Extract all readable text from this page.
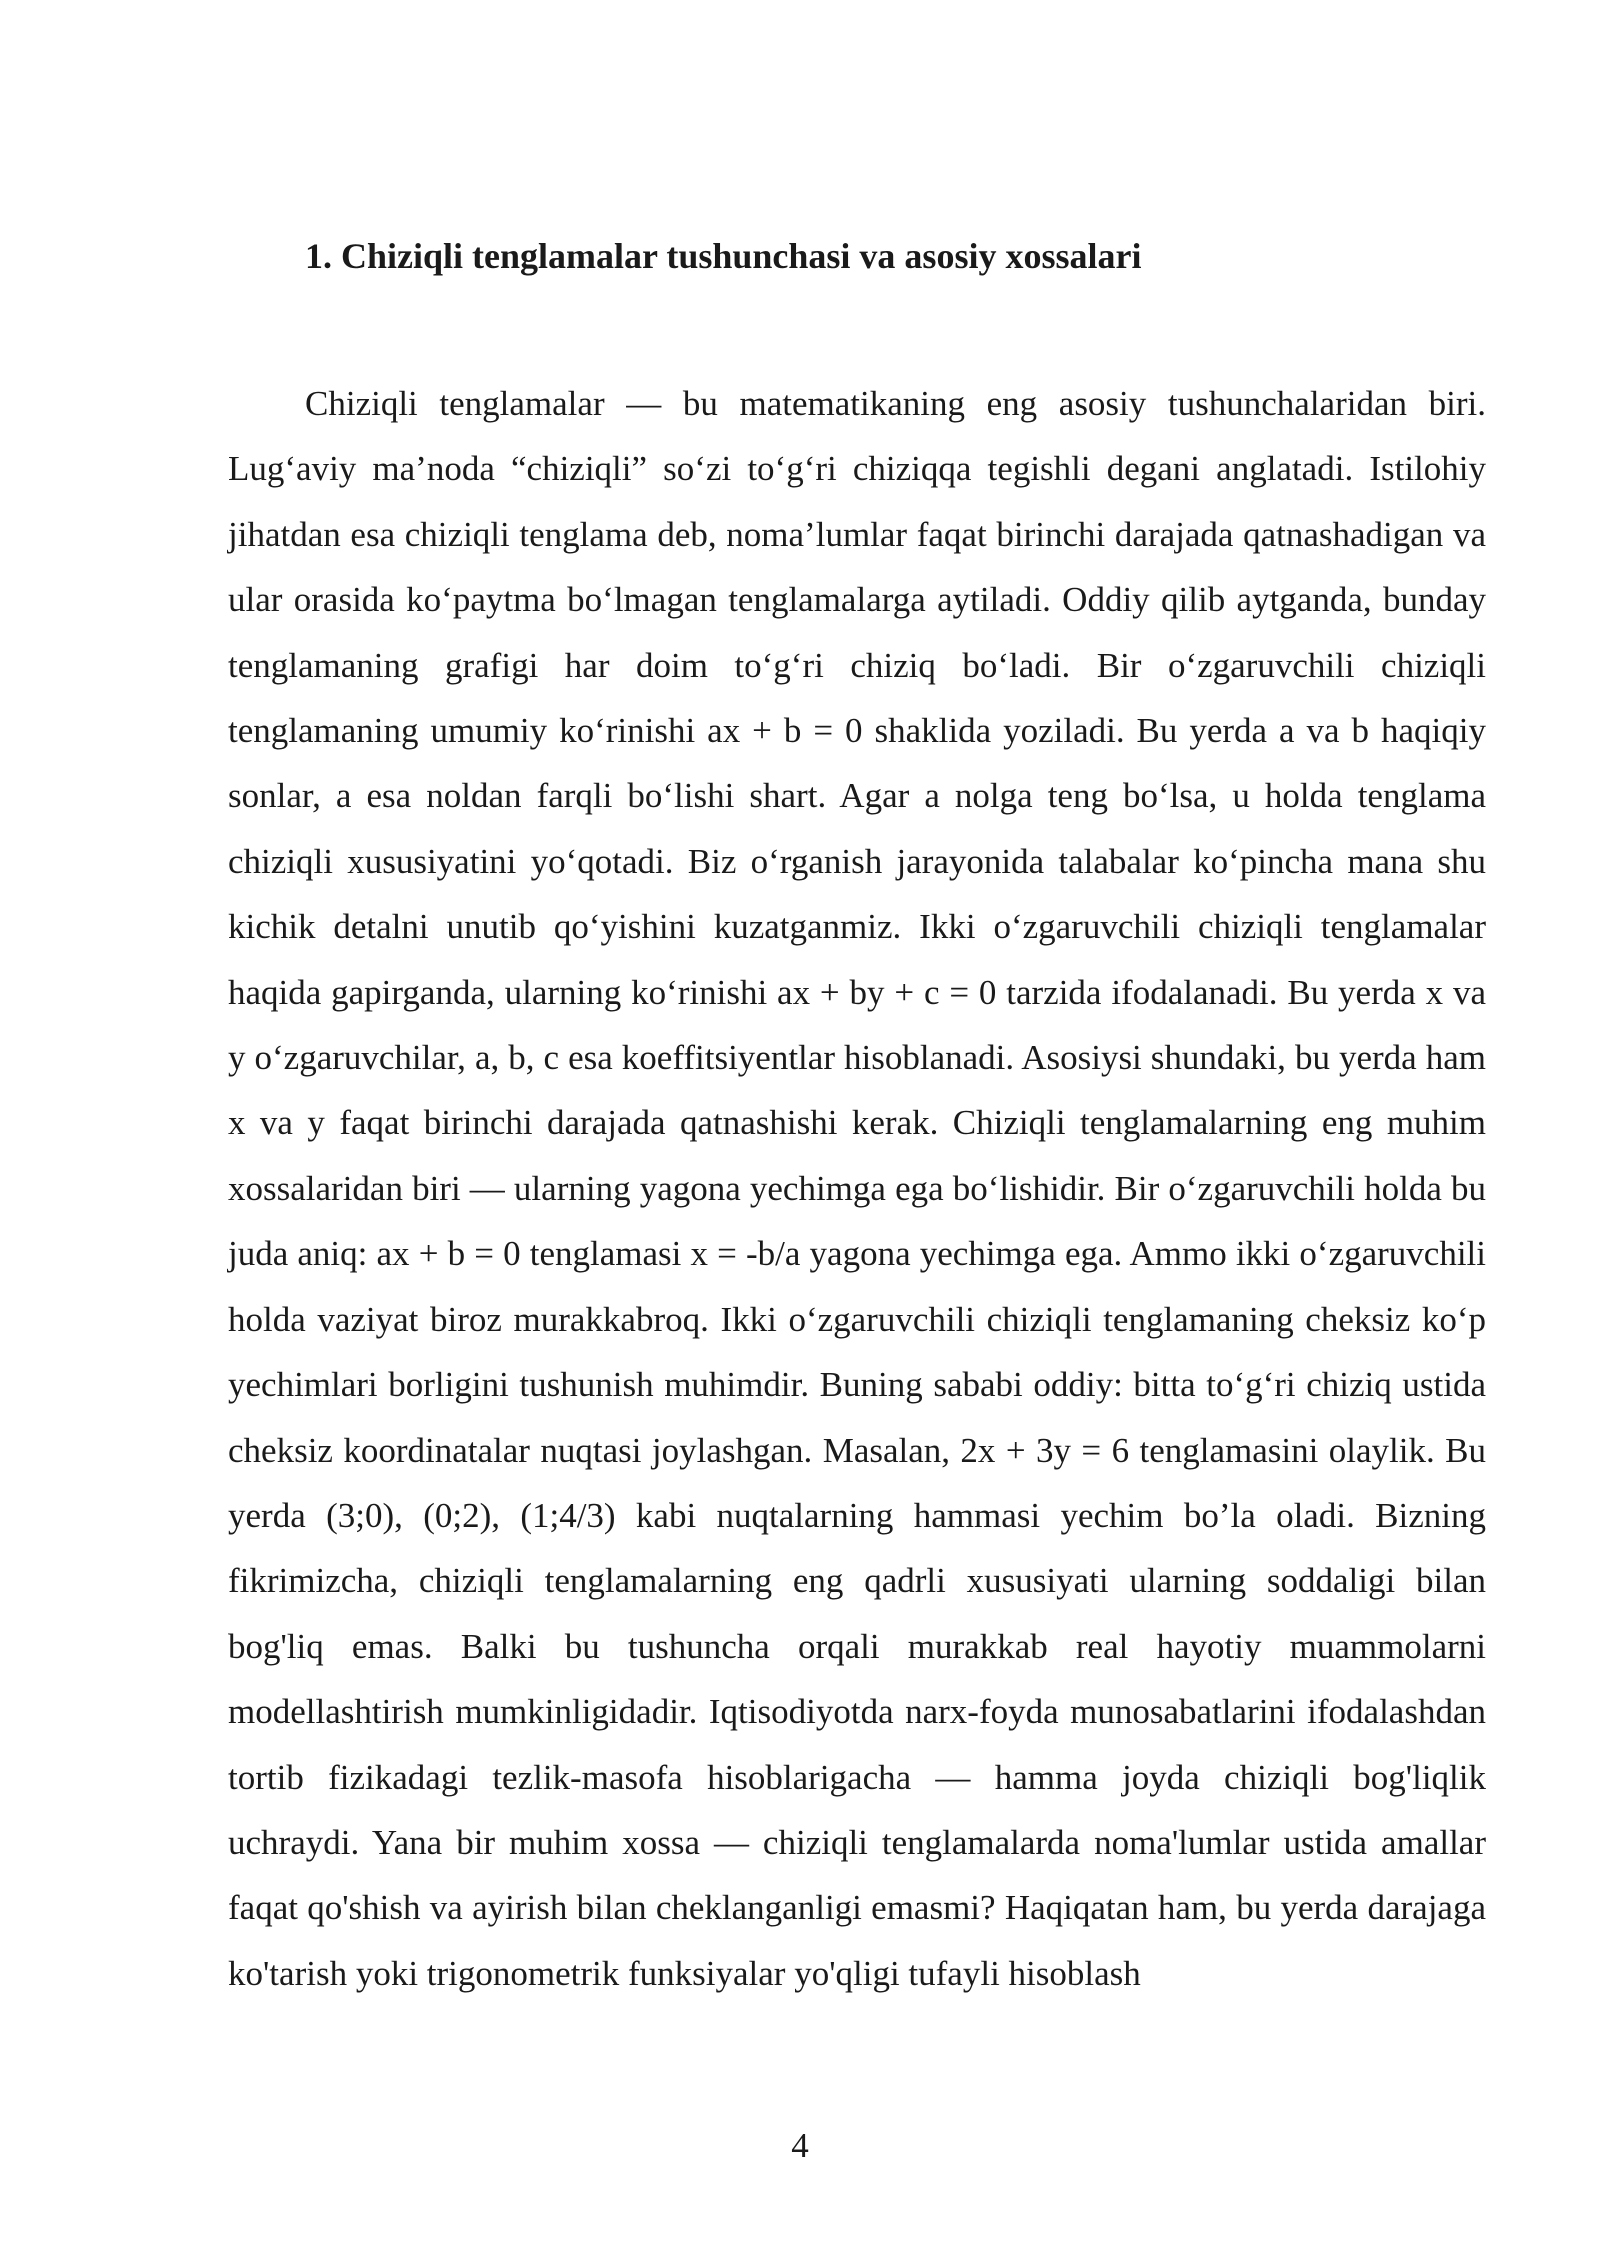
1. Chiziqli tenglamalar tushunchasi va asosiy xossalari

Chiziqli tenglamalar — bu matematikaning eng asosiy tushunchalaridan biri. Lug‘aviy ma’noda “chiziqli” so‘zi to‘g‘ri chiziqqa tegishli degani anglatadi. Istilohiy jihatdan esa chiziqli tenglama deb, noma’lumlar faqat birinchi darajada qatnashadigan va ular orasida ko‘paytma bo‘lmagan tenglamalarga aytiladi. Oddiy qilib aytganda, bunday tenglamaning grafigi har doim to‘g‘ri chiziq bo‘ladi. Bir o‘zgaruvchili chiziqli tenglamaning umumiy ko‘rinishi ax + b = 0 shaklida yoziladi. Bu yerda a va b haqiqiy sonlar, a esa noldan farqli bo‘lishi shart. Agar a nolga teng bo‘lsa, u holda tenglama chiziqli xususiyatini yo‘qotadi. Biz o‘rganish jarayonida talabalar ko‘pincha mana shu kichik detalni unutib qo‘yishini kuzatganmiz. Ikki o‘zgaruvchili chiziqli tenglamalar haqida gapirganda, ularning ko‘rinishi ax + by + c = 0 tarzida ifodalanadi. Bu yerda x va y o‘zgaruvchilar, a, b, c esa koeffitsiyentlar hisoblanadi. Asosiysi shundaki, bu yerda ham x va y faqat birinchi darajada qatnashishi kerak. Chiziqli tenglamalarning eng muhim xossalaridan biri — ularning yagona yechimga ega bo‘lishidir. Bir o‘zgaruvchili holda bu juda aniq: ax + b = 0 tenglamasi x = -b/a yagona yechimga ega. Ammo ikki o‘zgaruvchili holda vaziyat biroz murakkabroq. Ikki o‘zgaruvchili chiziqli tenglamaning cheksiz ko‘p yechimlari borligini tushunish muhimdir. Buning sababi oddiy: bitta to‘g‘ri chiziq ustida cheksiz koordinatalar nuqtasi joylashgan. Masalan, 2x + 3y = 6 tenglamasini olaylik. Bu yerda (3;0), (0;2), (1;4/3) kabi nuqtalarning hammasi yechim bo’la oladi. Bizning fikrimizcha, chiziqli tenglamalarning eng qadrli xususiyati ularning soddaligi bilan bog'liq emas. Balki bu tushuncha orqali murakkab real hayotiy muammolarni modellashtirish mumkinligidadir. Iqtisodiyotda narx-foyda munosabatlarini ifodalashdan tortib fizikadagi tezlik-masofa hisoblarigacha — hamma joyda chiziqli bog'liqlik uchraydi. Yana bir muhim xossa — chiziqli tenglamalarda noma'lumlar ustida amallar faqat qo'shish va ayirish bilan cheklanganligi emasmi? Haqiqatan ham, bu yerda darajaga ko'tarish yoki trigonometrik funksiyalar yo'qligi tufayli hisoblash

4
